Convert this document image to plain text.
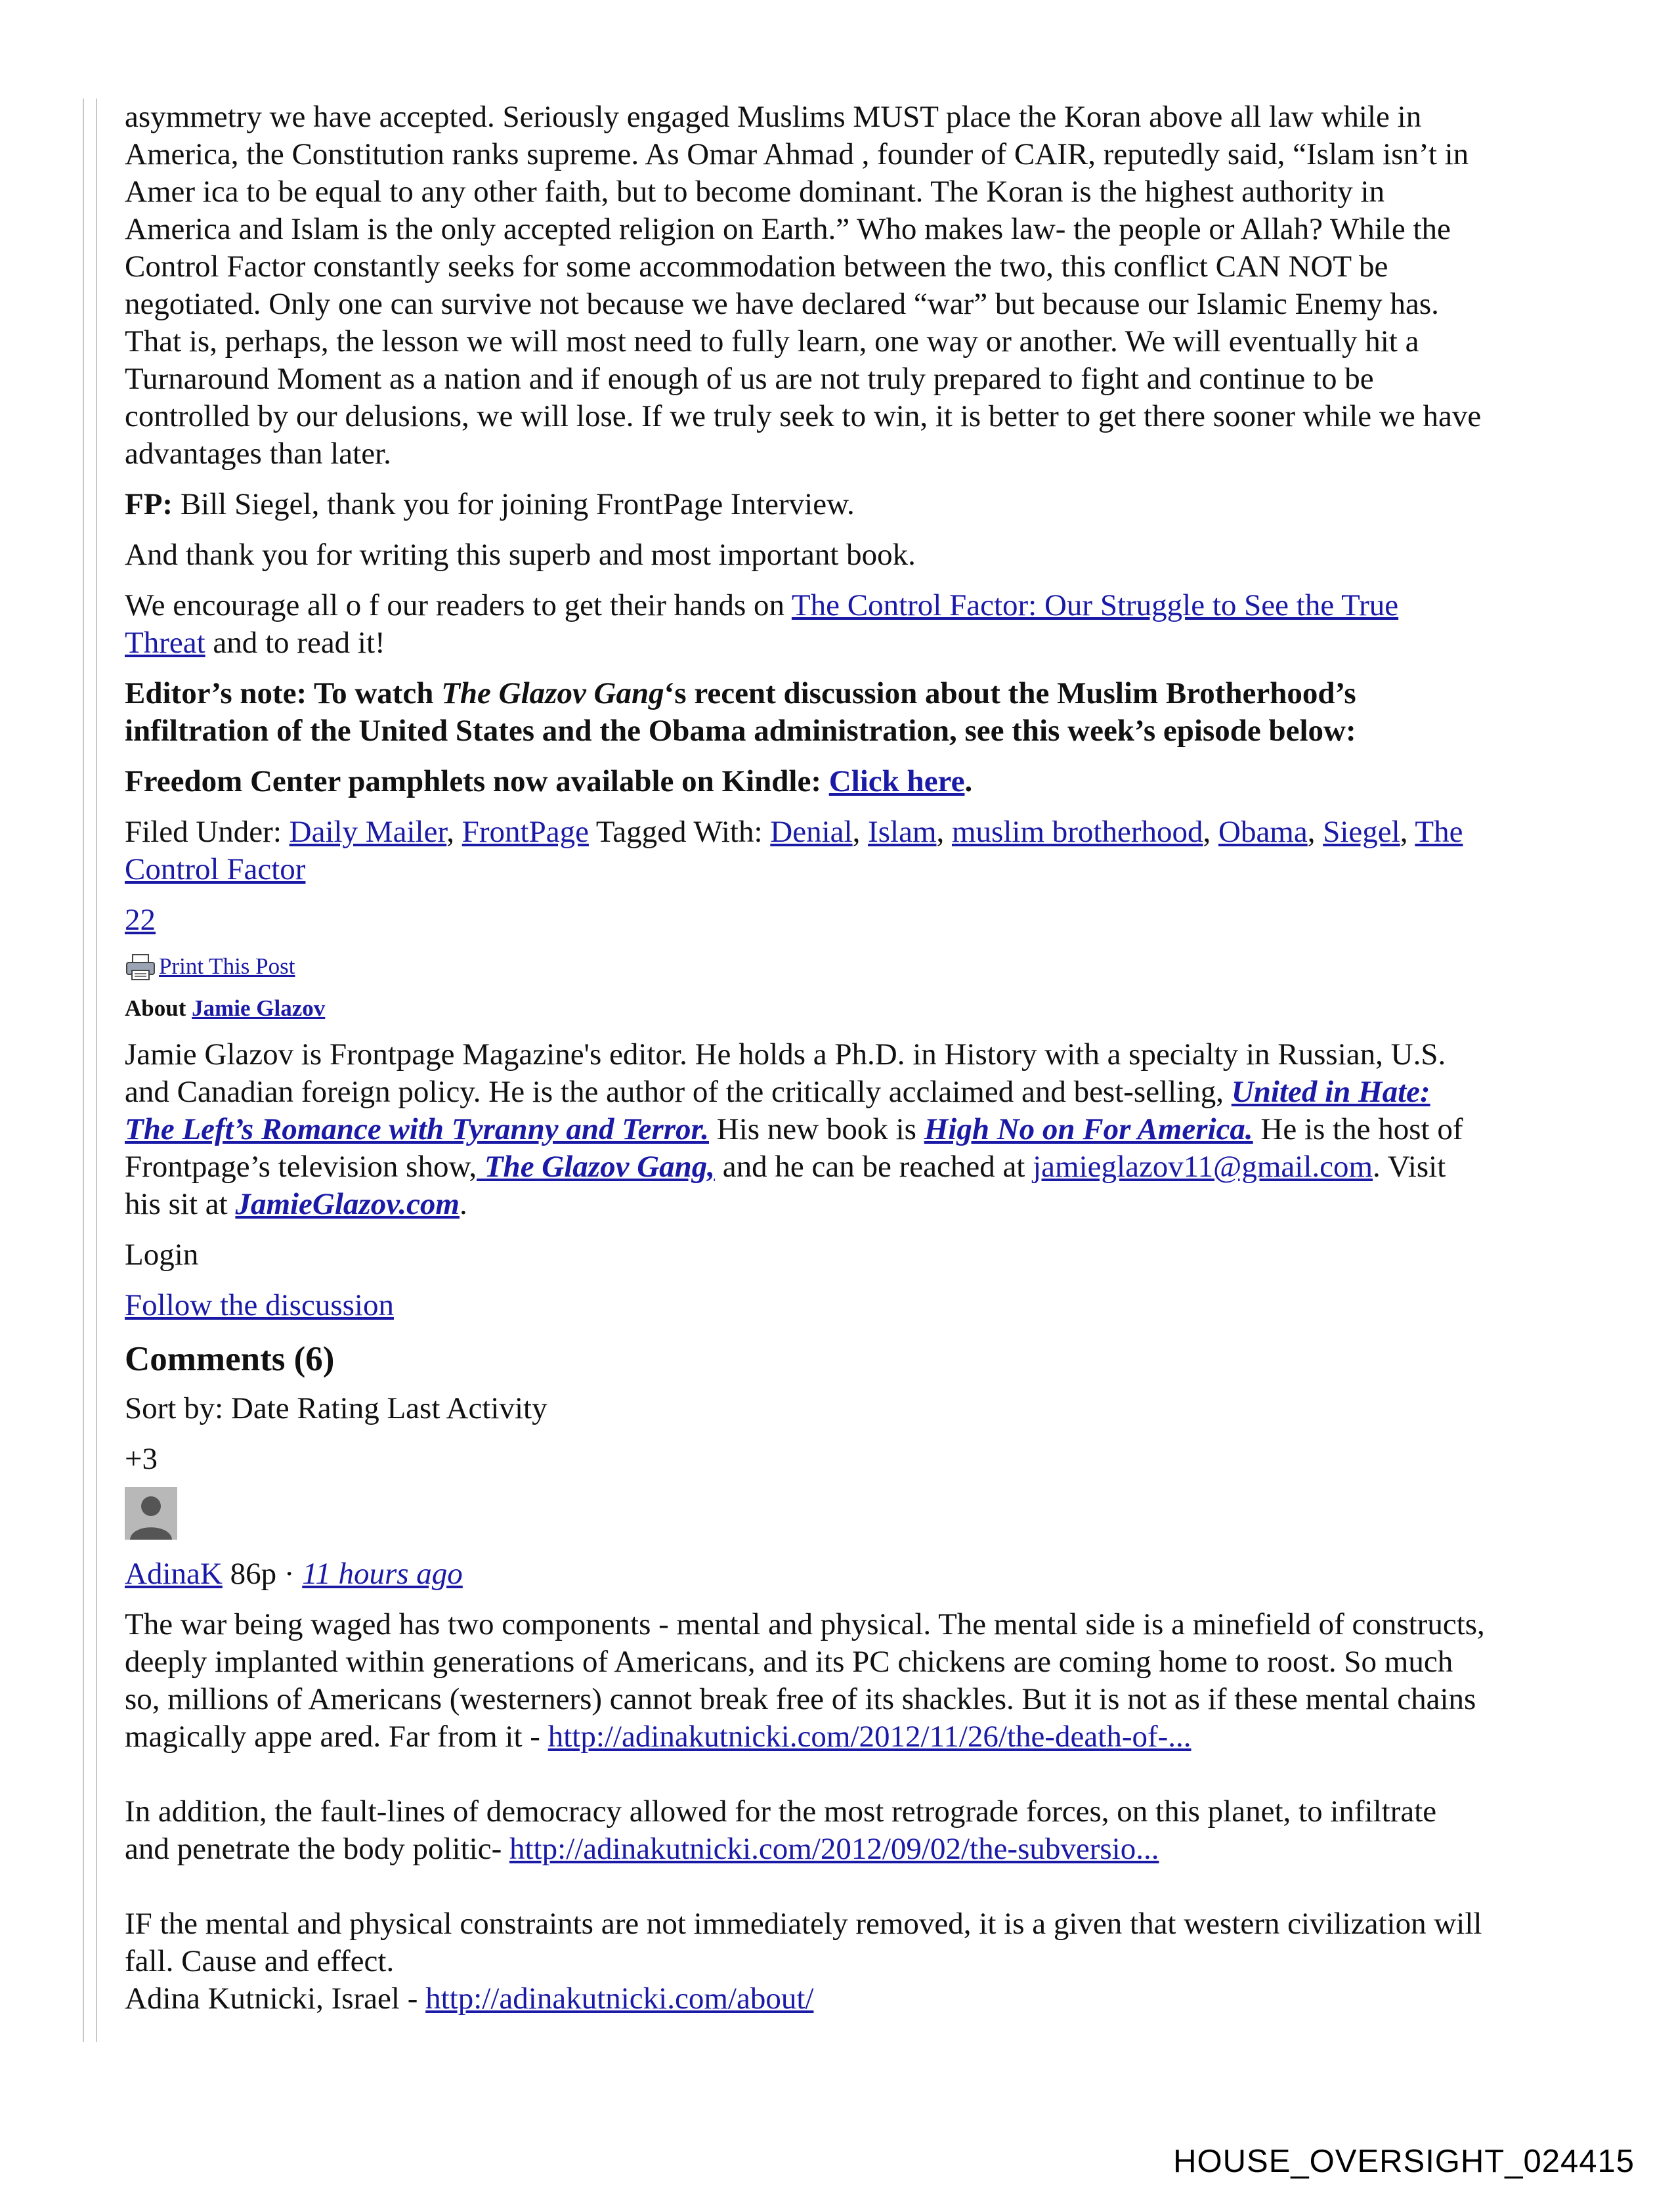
asymmetry we have accepted. Seriously engaged Muslims MUST place the Koran above all law while in
America, the Constitution ranks supreme. As Omar Ahmad , founder of CAIR, reputedly said, “Islam isn’t in
Amer ica to be equal to any other faith, but to become dominant. The Koran is the highest authority in
America and Islam is the only accepted religion on Earth.” Who makes law- the people or Allah? While the
Control Factor constantly seeks for some accommodation between the two, this conflict CAN NOT be
negotiated. Only one can survive not because we have declared “war” but because our Islamic Enemy has.
That is, perhaps, the lesson we will most need to fully learn, one way or another. We will eventually hit a
Turnaround Moment as a nation and if enough of us are not truly prepared to fight and continue to be
controlled by our delusions, we will lose. If we truly seek to win, it is better to get there sooner while we have
advantages than later.

FP: Bill Siegel, thank you for joining FrontPage Interview.

And thank you for writing this superb and most important book.

We encourage all o f our readers to get their hands on The Control Factor: Our Struggle to See the True
Threat and to read it!

Editor’s note: To watch The Glazov Gang‘s recent discussion about the Muslim Brotherhood’s
infiltration of the United States and the Obama administration, see this week’s episode below:

Freedom Center pamphlets now available on Kindle: Click here.

Filed Under: Daily Mailer, FrontPage Tagged With: Denial, Islam, muslim brotherhood, Obama, Siegel, The
Control Factor

22

Print This Post

About Jamie Glazov

Jamie Glazov is Frontpage Magazine's editor. He holds a Ph.D. in History with a specialty in Russian, U.S.
and Canadian foreign policy. He is the author of the critically acclaimed and best-selling, United in Hate:
The Left’s Romance with Tyranny and Terror. His new book is High No on For America. He is the host of
Frontpage’s television show, The Glazov Gang, and he can be reached at jamieglazov11@gmail.com. Visit
his sit at JamieGlazov.com.

Login

Follow the discussion

Comments (6)

Sort by: Date Rating Last Activity

+3

AdinaK 86p · 11 hours ago

The war being waged has two components - mental and physical. The mental side is a minefield of constructs,
deeply implanted within generations of Americans, and its PC chickens are coming home to roost. So much
so, millions of Americans (westerners) cannot break free of its shackles. But it is not as if these mental chains
magically appe ared. Far from it - http://adinakutnicki.com/2012/11/26/the-death-of-...

In addition, the fault-lines of democracy allowed for the most retrograde forces, on this planet, to infiltrate
and penetrate the body politic- http://adinakutnicki.com/2012/09/02/the-subversio...

IF the mental and physical constraints are not immediately removed, it is a given that western civilization will
fall. Cause and effect.
Adina Kutnicki, Israel - http://adinakutnicki.com/about/

HOUSE_OVERSIGHT_024415
